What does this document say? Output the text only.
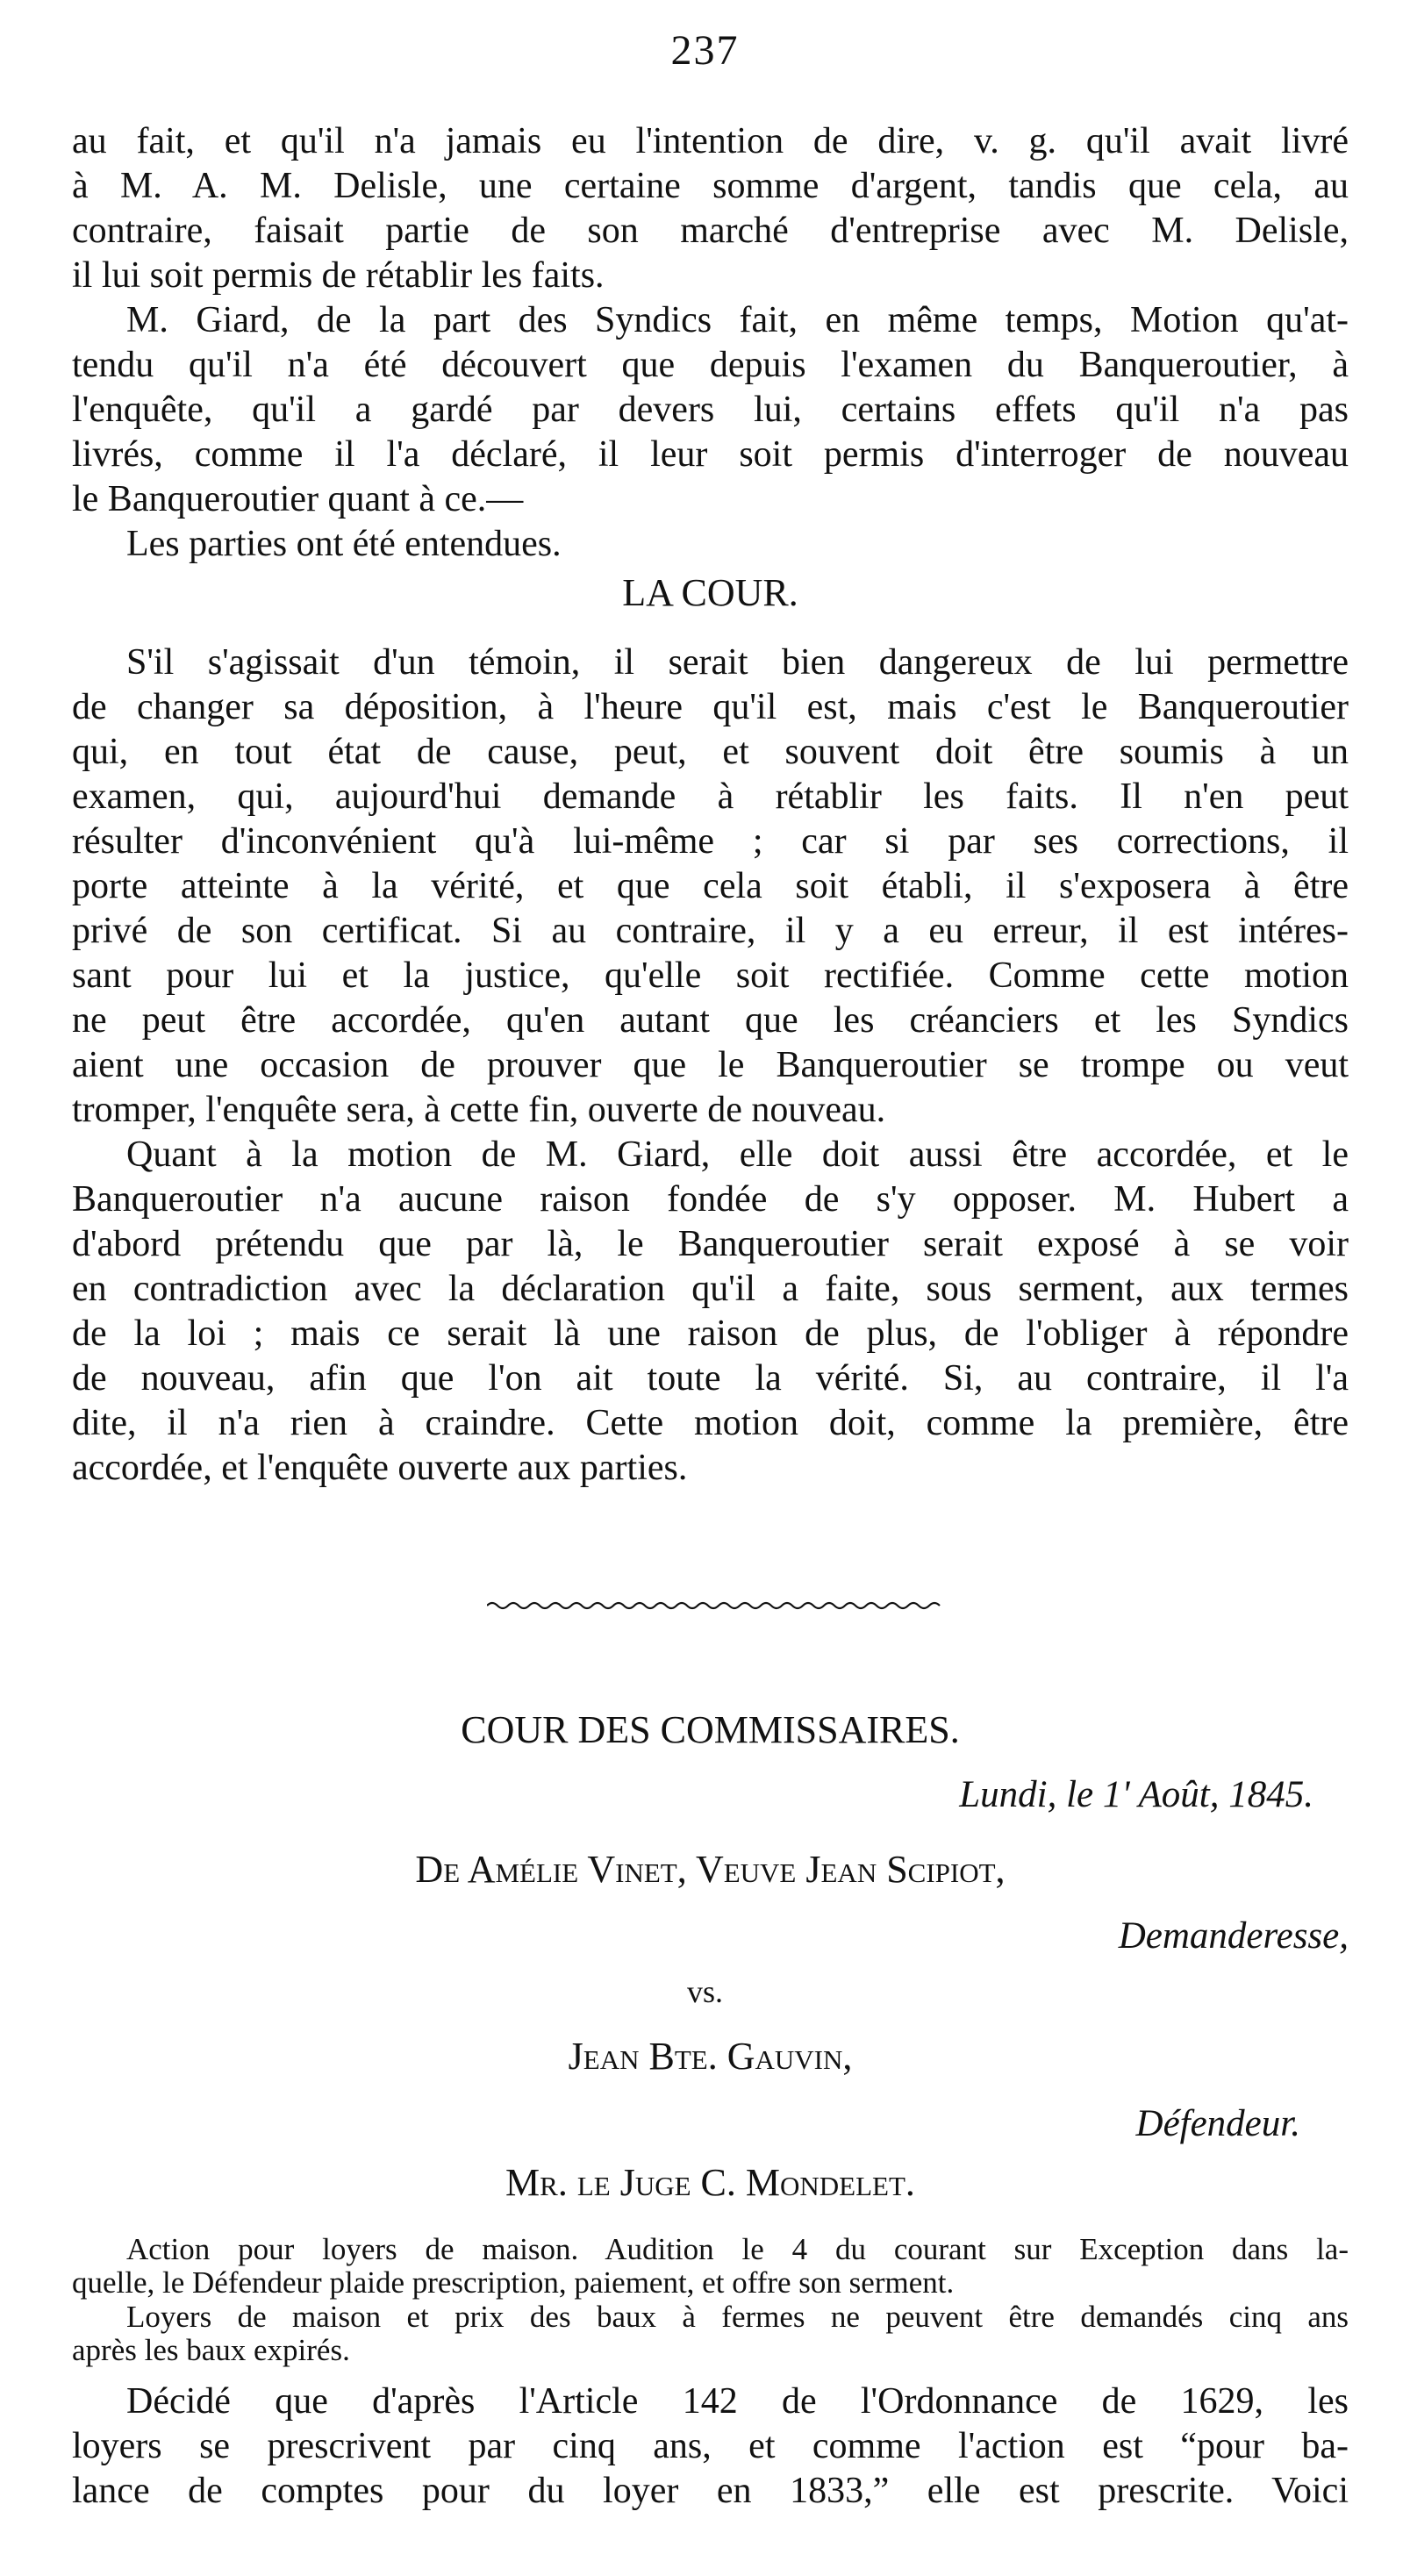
237
au fait, et qu'il n'a jamais eu l'intention de dire, v. g. qu'il avait livré
à M. A. M. Delisle, une certaine somme d'argent, tandis que cela, au
contraire, faisait partie de son marché d'entreprise avec M. Delisle,
il lui soit permis de rétablir les faits.
M. Giard, de la part des Syndics fait, en même temps, Motion qu'at-
tendu qu'il n'a été découvert que depuis l'examen du Banqueroutier, à
l'enquête, qu'il a gardé par devers lui, certains effets qu'il n'a pas
livrés, comme il l'a déclaré, il leur soit permis d'interroger de nouveau
le Banqueroutier quant à ce.—
Les parties ont été entendues.
LA COUR.
S'il s'agissait d'un témoin, il serait bien dangereux de lui permettre
de changer sa déposition, à l'heure qu'il est, mais c'est le Banqueroutier
qui, en tout état de cause, peut, et souvent doit être soumis à un
examen, qui, aujourd'hui demande à rétablir les faits. Il n'en peut
résulter d'inconvénient qu'à lui-même ; car si par ses corrections, il
porte atteinte à la vérité, et que cela soit établi, il s'exposera à être
privé de son certificat. Si au contraire, il y a eu erreur, il est intéres-
sant pour lui et la justice, qu'elle soit rectifiée. Comme cette motion
ne peut être accordée, qu'en autant que les créanciers et les Syndics
aient une occasion de prouver que le Banqueroutier se trompe ou veut
tromper, l'enquête sera, à cette fin, ouverte de nouveau.
Quant à la motion de M. Giard, elle doit aussi être accordée, et le
Banqueroutier n'a aucune raison fondée de s'y opposer. M. Hubert a
d'abord prétendu que par là, le Banqueroutier serait exposé à se voir
en contradiction avec la déclaration qu'il a faite, sous serment, aux termes
de la loi ; mais ce serait là une raison de plus, de l'obliger à répondre
de nouveau, afin que l'on ait toute la vérité. Si, au contraire, il l'a
dite, il n'a rien à craindre. Cette motion doit, comme la première, être
accordée, et l'enquête ouverte aux parties.
COUR DES COMMISSAIRES.
Lundi, le 1' Août, 1845.
De Amélie Vinet, Veuve Jean Scipiot,
Demanderesse,
vs.
Jean Bte. Gauvin,
Défendeur.
Mr. le Juge C. Mondelet.
Action pour loyers de maison. Audition le 4 du courant sur Exception dans la-
quelle, le Défendeur plaide prescription, paiement, et offre son serment.
Loyers de maison et prix des baux à fermes ne peuvent être demandés cinq ans
après les baux expirés.
Décidé que d'après l'Article 142 de l'Ordonnance de 1629, les
loyers se prescrivent par cinq ans, et comme l'action est “pour ba-
lance de comptes pour du loyer en 1833,” elle est prescrite. Voici
